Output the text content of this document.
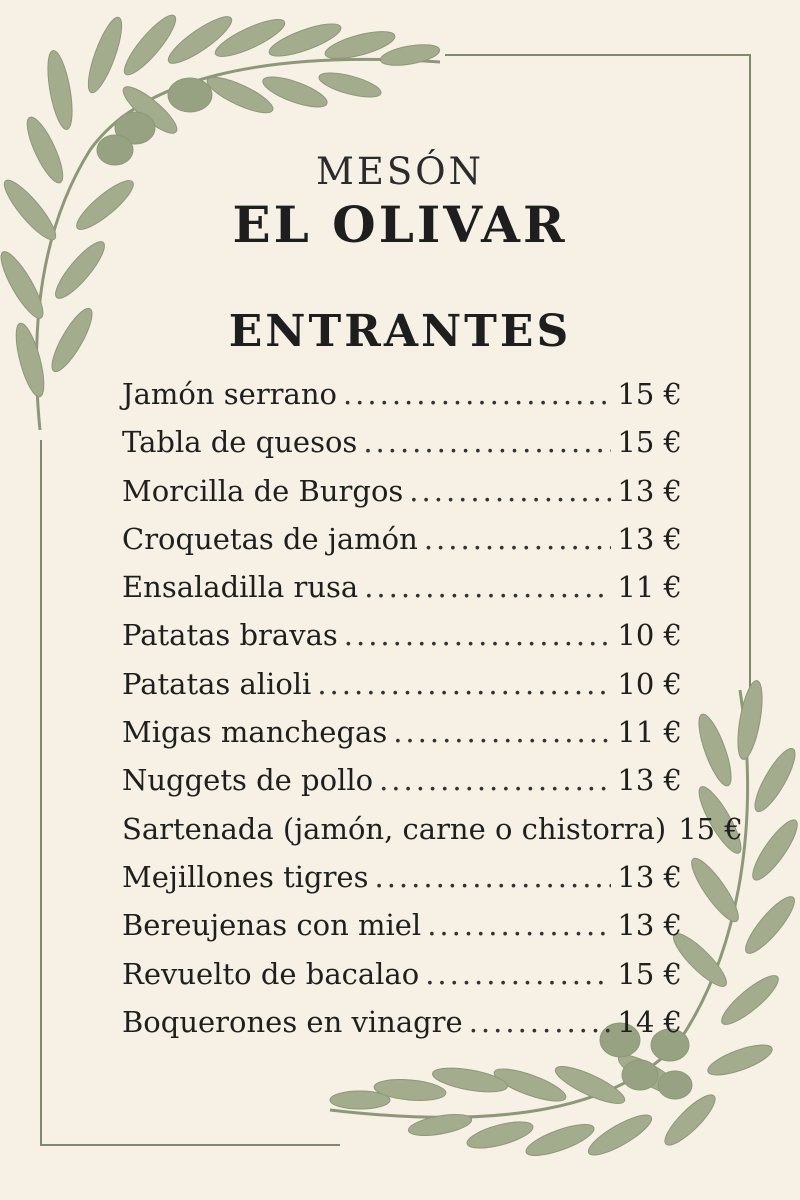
MESÓN
EL OLIVAR
ENTRANTES
Jamón serrano .....	15 €
Tabla de quesos .....	15 €
Morcilla de Burgos .....	13 €
Croquetas de jamón .....	13 €
Ensaladilla rusa .....	11 €
Patatas bravas .....	10 €
Patatas alioli .....	10 €
Migas manchegas .....	11 €
Nuggets de pollo .....	13 €
Sartenada (jamón, carne o chistorra) 15 €
Mejillones tigres .....	13 €
Bereujenas con miel .....	13 €
Revuelto de bacalao .....	15 €
Boquerones en vinagre .....	14 €
